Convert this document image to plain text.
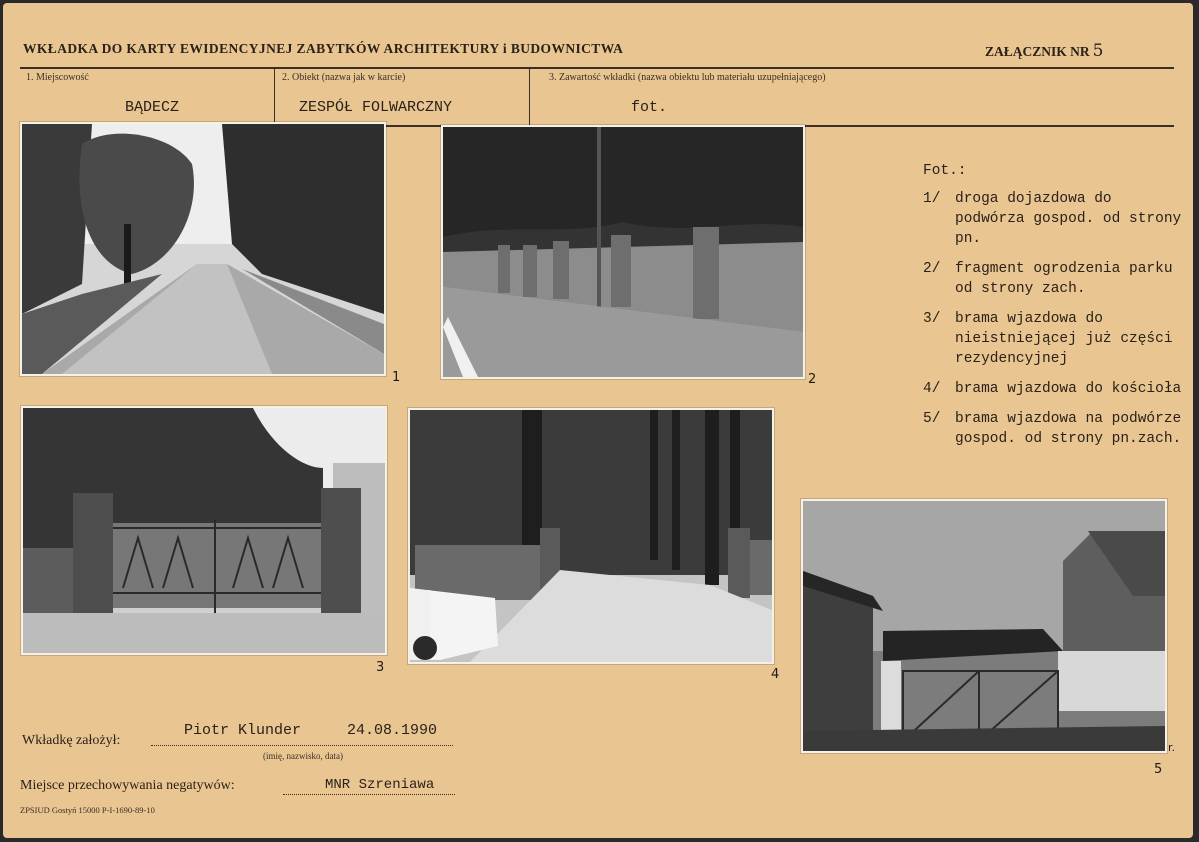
WKŁADKA DO KARTY EWIDENCYJNEJ ZABYTKÓW ARCHITEKTURY i BUDOWNICTWA	ZAŁĄCZNIK NR 5
1. Miejscowość
BĄDECZ
2. Obiekt (nazwa jak w karcie)
ZESPÓŁ FOLWARCZNY
3. Zawartość wkładki (nazwa obiektu lub materiału uzupełniającego)
fot.
1	2
3	4
5
r.
Fot.:
1/	droga dojazdowa do podwórza gospod. od strony pn.
2/	fragment ogrodzenia parku od strony zach.
3/	brama wjazdowa do nieistniejącej już części rezydencyjnej
4/	brama wjazdowa do kościoła
5/	brama wjazdowa na podwórze gospod. od strony pn.zach.
Wkładkę założył:
Piotr Klunder	24.08.1990
(imię, nazwisko, data)
Miejsce przechowywania negatywów:	MNR Szreniawa
ZPSIUD Gostyń 15000 P-I-1690-89-10
